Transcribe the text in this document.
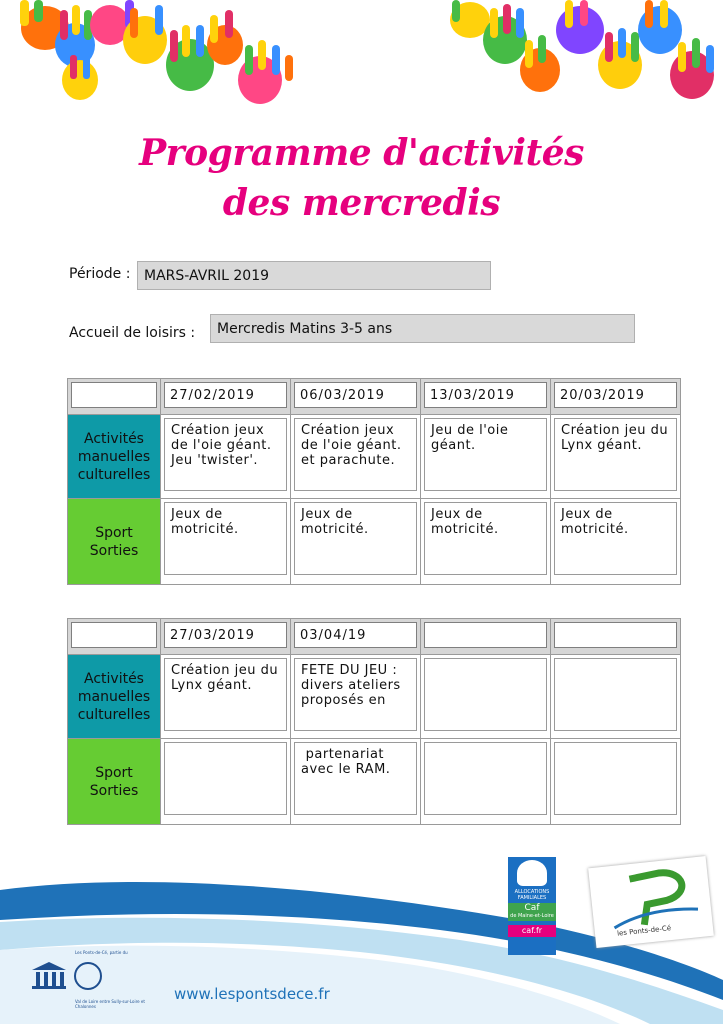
Programme d'activités
des mercredis
Période : MARS-AVRIL 2019
Accueil de loisirs :	Mercredis Matins 3-5 ans

	27/02/2019	06/03/2019	13/03/2019	20/03/2019

Activités
manuelles
culturelles	Création jeux de l'oie géant. Jeu 'twister'.	Création jeux de l'oie géant. et parachute.	Jeu de l'oie géant.	Création jeu du Lynx géant.

Sport
Sorties	Jeux de motricité.	Jeux de motricité.	Jeux de motricité.	Jeux de motricité.

	27/03/2019	03/04/19		

Activités
manuelles
culturelles	Création jeu du Lynx géant.	FETE DU JEU : divers ateliers proposés en		

Sport
Sorties		partenariat avec le RAM.		

ALLOCATIONS FAMILIALES
Caf
de Maine-et-Loire
caf.fr	les Ponts-de-Cé
Les Ponts-de-Cé, partie du
Val de Loire entre Sully-sur-Loire et Chalonnes
www.lespontsdece.fr
